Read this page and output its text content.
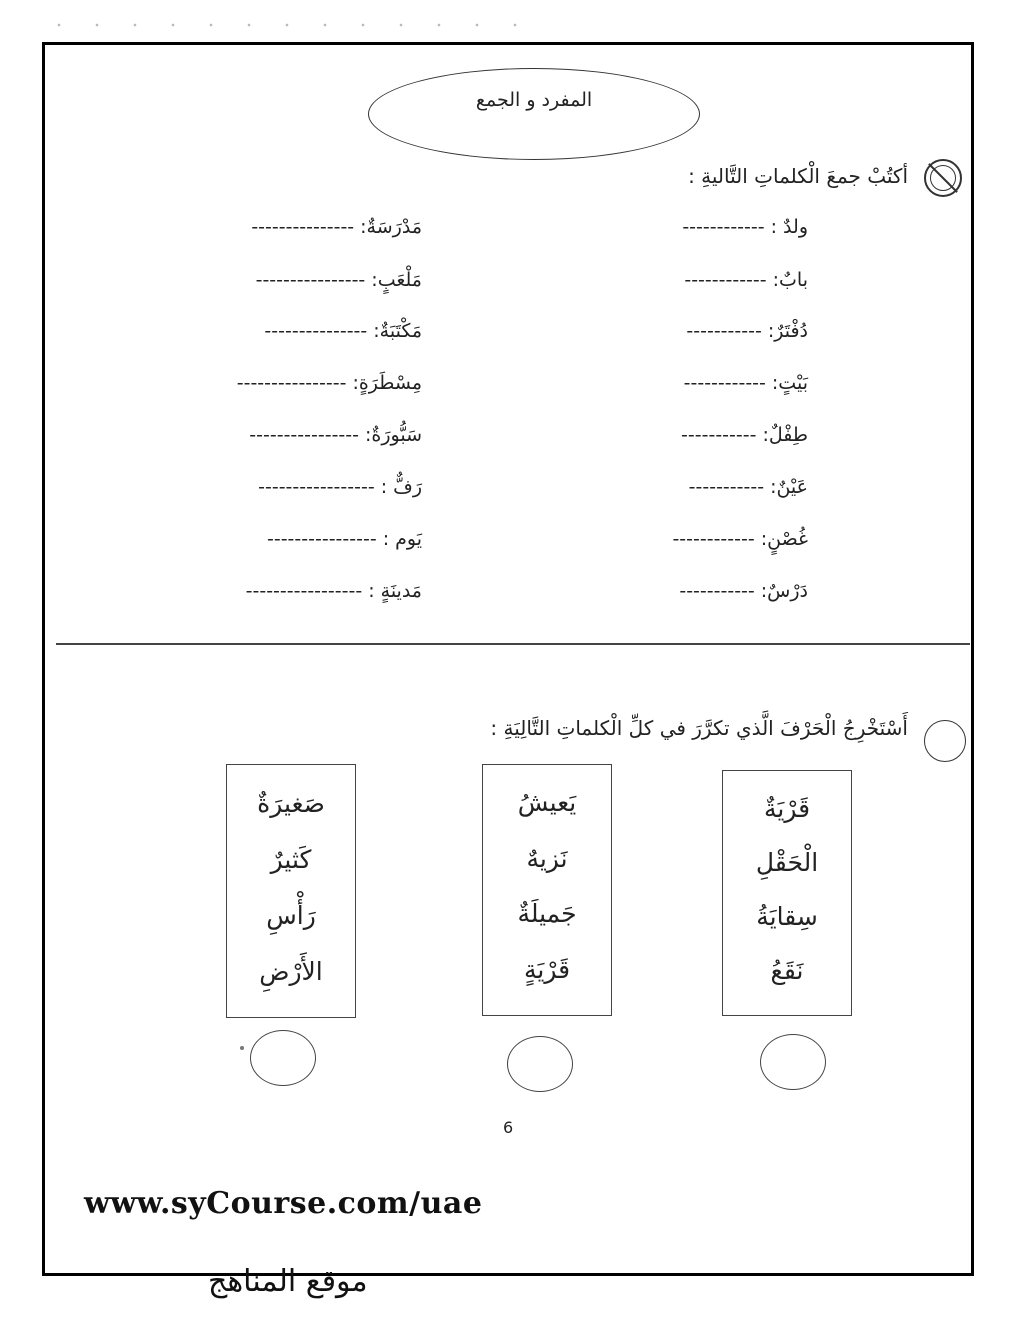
المفرد و الجمع
أكتُبْ جمعَ الْكلماتِ التَّاليةِ :
ولدٌ :
------------
بابٌ:
------------
دُفْتَرٌ:
-----------
بَيْتٍ:
------------
طِفْلٌ:
-----------
عَيْنٌ:
-----------
غُصْنٍ:
------------
دَرْسٌ:
-----------
مَدْرَسَةٌ:
---------------
مَلْعَبٍ:
----------------
مَكْتَبَةٌ:
---------------
مِسْطَرَةٍ:
----------------
سَبُّورَةٌ:
----------------
رَفٌّ :
-----------------
يَوم :
----------------
مَدينَةٍ :
-----------------
أَسْتَخْرِجُ الْحَرْفَ الَّذي تكرَّرَ في كلِّ الْكلماتِ التَّالِيَةِ :
قَرْيَةٌ
الْحَقْلِ
سِقايَةُ
نَقَعُ
يَعيشُ
نَزيهٌ
جَميلَةٌ
قَرْيَةٍ
صَغيرَةٌ
كَثيرٌ
رَأْسِ
الأَرْضِ
6
www.syCourse.com/uae
موقع المناهج
